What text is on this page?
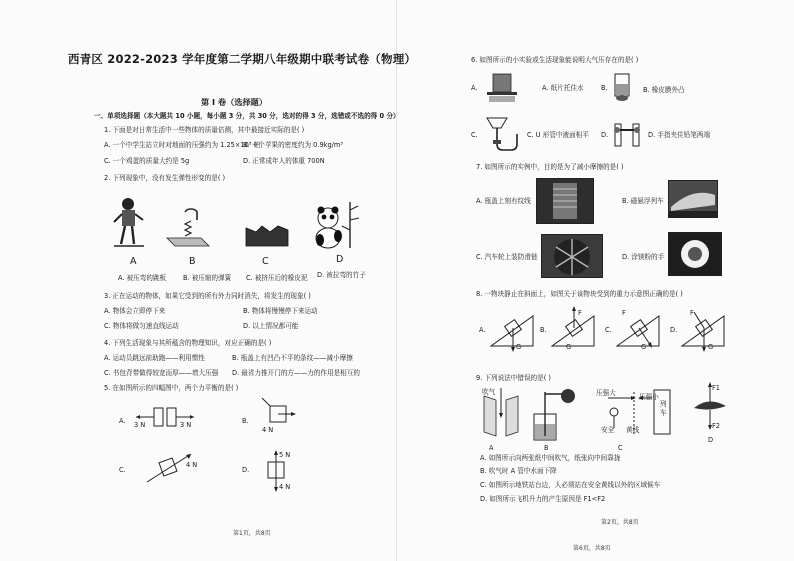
西青区 2022-2023 学年度第二学期八年级期中联考试卷（物理）
第 I 卷（选择题）
一、单项选择题（本大题共 10 小题，每小题 3 分，共 30 分，选对的得 3 分，选错或不选的得 0 分）
1. 下面是对日常生活中一些物体的质量估测，其中最接近实际的是( )
A. 一个中学生站立时对地面的压强约为 1.25×10³ 帕
B. 一个苹果的密度约为 0.9kg/m³
C. 一个鸡蛋的质量大约是 5g	D. 正常成年人的体重 700N
2. 下列现象中，没有发生弹性形变的是( )
A	B	C	D
A. 被压弯的跳板	B. 被压缩的弹簧 C. 被挤压后的橡皮泥 D. 被拉弯的竹子
3. 正在运动的物体，如果它受到的所有外力同时消失，将发生的现象( )
A. 物体会立即停下来	B. 物体将慢慢停下来运动
C. 物体将做匀速直线运动	D. 以上情况都可能
4. 下列生活现象与其所蕴含的物理知识，对应正确的是( )
A. 运动员跳远前助跑——利用惯性	B. 瓶盖上有凹凸不平的条纹——减小摩擦
C. 书包背带做得较宽而厚——增大压强 D. 最省力推开门的方——力的作用是相互的
5. 在如图所示的四幅图中，两个力平衡的是( )
A. 3 N	3 N	B.
4 N
C.
4 N
D.
5 N
4 N
第1页，共8页
6. 如图所示的小实验或生活现象能说明大气压存在的是( )
A.	A. 纸片托住水	B.	B. 橡皮膜外凸
C.	C. U 形管中液面相平 D.	D. 手指夹住铅笔两端
7. 如图所示的实例中，目的是为了减小摩擦的是( )
A. 瓶盖上刻有纹线	B. 磁悬浮列车
C. 汽车轮上装防滑链	D. 涂镁粉的手
8. 一物块静止在斜面上，如图关于该物块受到的重力示意图正确的是( )
A.
G
B.
F
G
C.
F
G
D.
F
G
9. 下列说法中错误的是( )
吹气	压强大	压强小
安全 黄线
列车
F1
F2
A	B	C
D
A. 如图所示向两张纸中间吹气，纸张向中间靠拢
B. 吹气时 A 管中水面下降
C. 如图所示地铁站台边，人必须站在安全黄线以外的区域候车
D. 如图所示飞机升力的产生原因是 F1<F2
第2页，共8页
第6页，共8页
